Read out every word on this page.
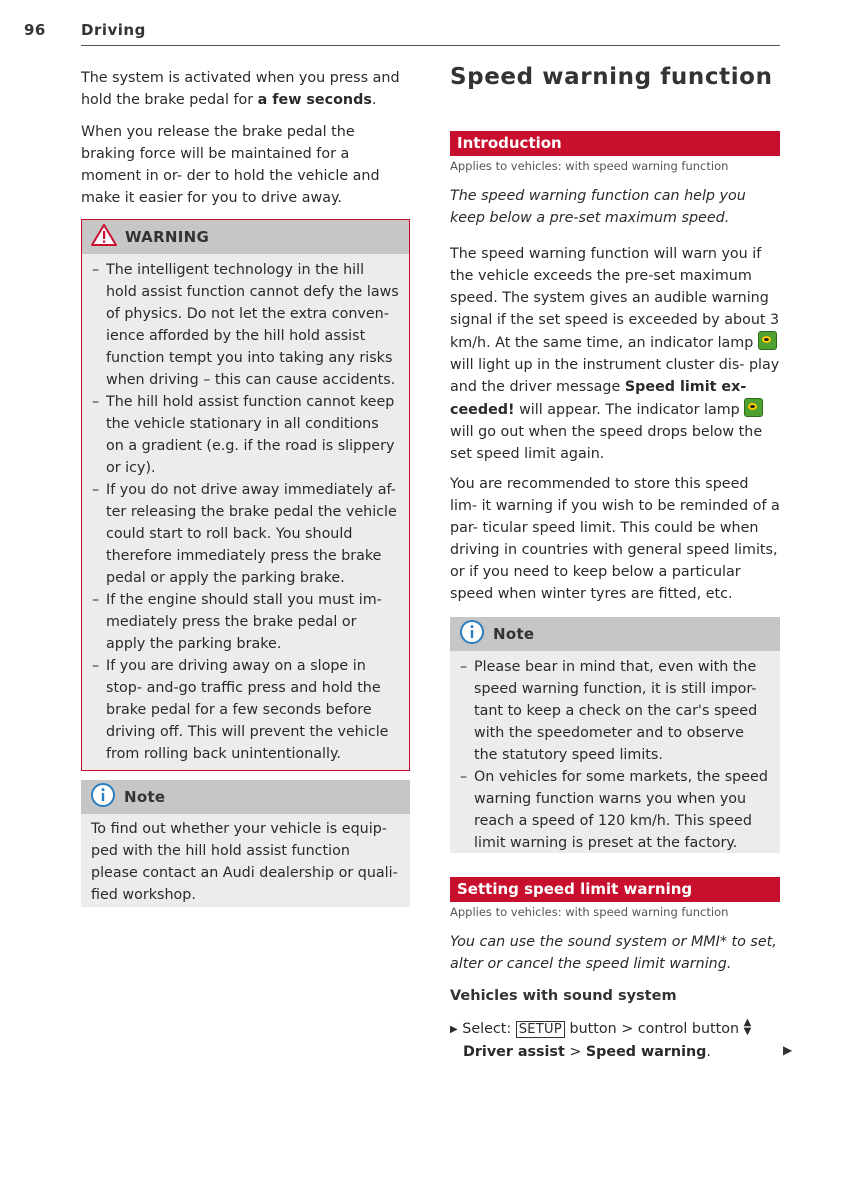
96 Driving

The system is activated when you press and hold the brake pedal for a few seconds.

When you release the brake pedal the braking force will be maintained for a moment in or- der to hold the vehicle and make it easier for you to drive away.

WARNING
– The intelligent technology in the hill hold assist function cannot defy the laws of physics. Do not let the extra conven- ience afforded by the hill hold assist function tempt you into taking any risks when driving – this can cause accidents.
– The hill hold assist function cannot keep the vehicle stationary in all conditions on a gradient (e.g. if the road is slippery or icy).
– If you do not drive away immediately af- ter releasing the brake pedal the vehicle could start to roll back. You should therefore immediately press the brake pedal or apply the parking brake.
– If the engine should stall you must im- mediately press the brake pedal or apply the parking brake.
– If you are driving away on a slope in stop- and-go traffic press and hold the brake pedal for a few seconds before driving off. This will prevent the vehicle from rolling back unintentionally.
Note

To find out whether your vehicle is equip- ped with the hill hold assist function please contact an Audi dealership or quali- fied workshop.

Speed warning function
Introduction
Applies to vehicles: with speed warning function

The speed warning function can help you keep below a pre-set maximum speed.

The speed warning function will warn you if the vehicle exceeds the pre-set maximum speed. The system gives an audible warning signal if the set speed is exceeded by about 3 km/h. At the same time, an indicator lamp  will light up in the instrument cluster dis- play and the driver message Speed limit ex- ceeded! will appear. The indicator lamp  will go out when the speed drops below the set speed limit again.

You are recommended to store this speed lim- it warning if you wish to be reminded of a par- ticular speed limit. This could be when driving in countries with general speed limits, or if you need to keep below a particular speed when winter tyres are fitted, etc.

Note
– Please bear in mind that, even with the speed warning function, it is still impor- tant to keep a check on the car's speed with the speedometer and to observe the statutory speed limits.
– On vehicles for some markets, the speed warning function warns you when you reach a speed of 120 km/h. This speed limit warning is preset at the factory.
Setting speed limit warning
Applies to vehicles: with speed warning function

You can use the sound system or MMI* to set, alter or cancel the speed limit warning.

Vehicles with sound system

▶ Select: SETUP button > control button ▲
▼
Driver assist > Speed warning.	▶
